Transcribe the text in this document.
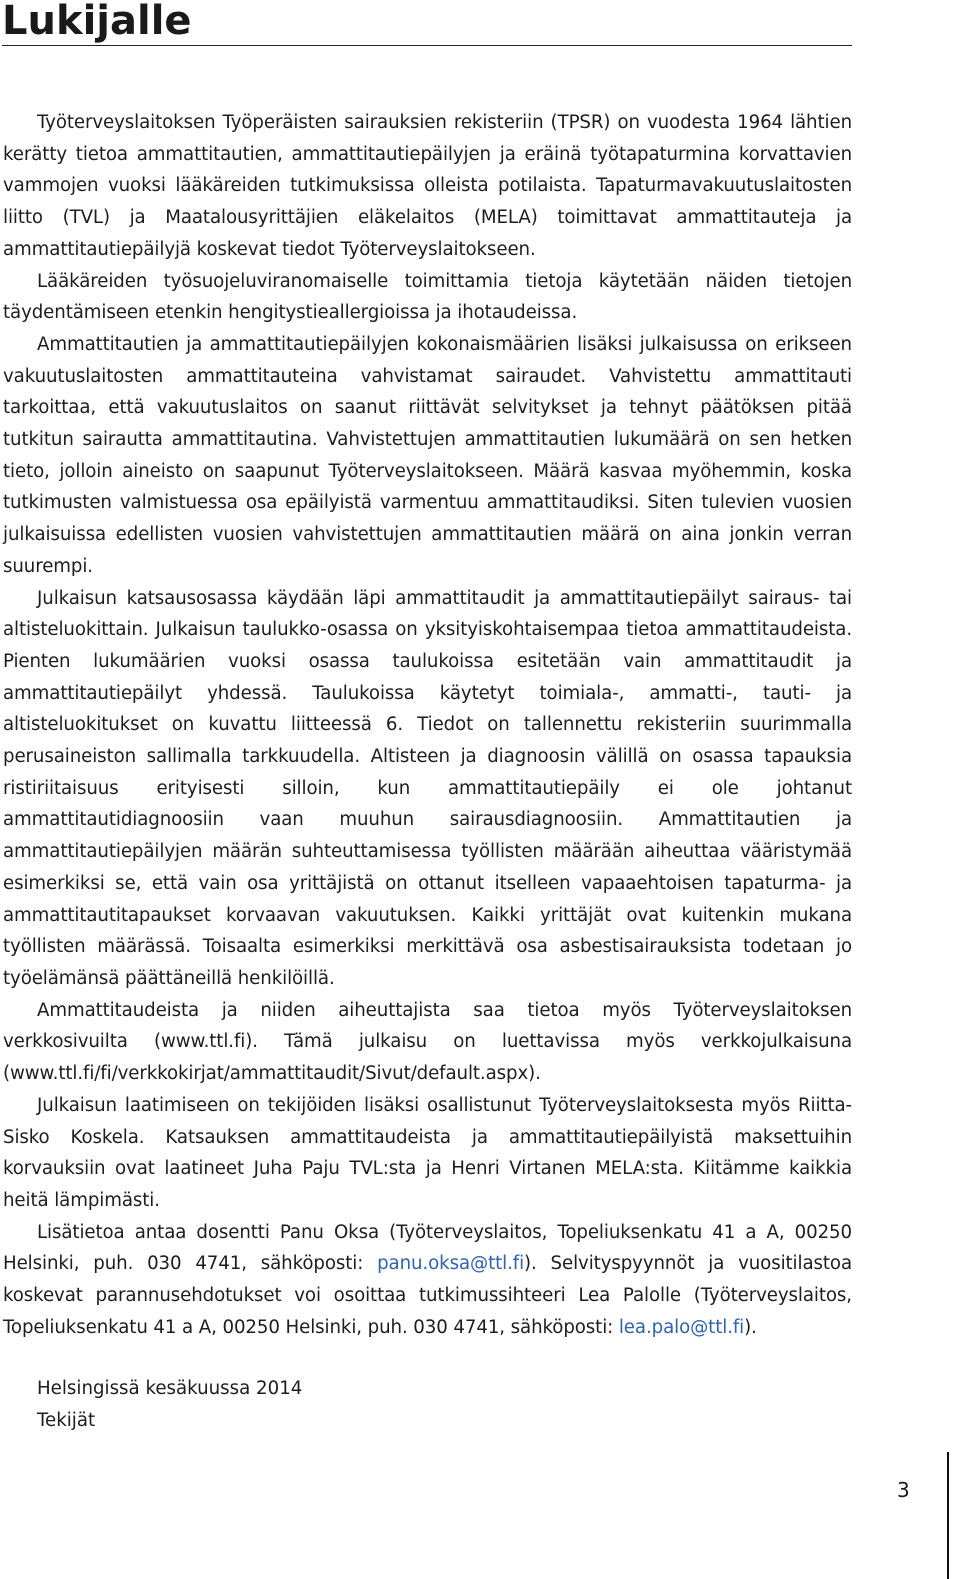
Lukijalle

Työterveyslaitoksen Työperäisten sairauksien rekisteriin (TPSR) on vuodesta 1964 lähtien kerätty tietoa ammattitautien, ammattitautiepäilyjen ja eräinä työtapaturmina korvattavien vammojen vuoksi lääkäreiden tutkimuksissa olleista potilaista. Tapaturmavakuutuslaitosten liitto (TVL) ja Maatalousyrittäjien eläkelaitos (MELA) toimittavat ammattitauteja ja ammattitautiepäilyjä koskevat tiedot Työterveyslaitokseen.

Lääkäreiden työsuojeluviranomaiselle toimittamia tietoja käytetään näiden tietojen täydentämiseen etenkin hengitystieallergioissa ja ihotaudeissa.

Ammattitautien ja ammattitautiepäilyjen kokonaismäärien lisäksi julkaisussa on erikseen vakuutuslaitosten ammattitauteina vahvistamat sairaudet. Vahvistettu ammattitauti tarkoittaa, että vakuutuslaitos on saanut riittävät selvitykset ja tehnyt päätöksen pitää tutkitun sairautta ammattitautina. Vahvistettujen ammattitautien lukumäärä on sen hetken tieto, jolloin aineisto on saapunut Työterveyslaitokseen. Määrä kasvaa myöhemmin, koska tutkimusten valmistuessa osa epäilyistä varmentuu ammattitaudiksi. Siten tulevien vuosien julkaisuissa edellisten vuosien vahvistettujen ammattitautien määrä on aina jonkin verran suurempi.

Julkaisun katsausosassa käydään läpi ammattitaudit ja ammattitautiepäilyt sairaus- tai altisteluokittain. Julkaisun taulukko-osassa on yksityiskohtaisempaa tietoa ammattitaudeista. Pienten lukumäärien vuoksi osassa taulukoissa esitetään vain ammattitaudit ja ammattitautiepäilyt yhdessä. Taulukoissa käytetyt toimiala-, ammatti-, tauti- ja altisteluokitukset on kuvattu liitteessä 6. Tiedot on tallennettu rekisteriin suurimmalla perusaineiston sallimalla tarkkuudella. Altisteen ja diagnoosin välillä on osassa tapauksia ristiriitaisuus erityisesti silloin, kun ammattitautiepäily ei ole johtanut ammattitautidiagnoosiin vaan muuhun sairausdiagnoosiin. Ammattitautien ja ammattitautiepäilyjen määrän suhteuttamisessa työllisten määrään aiheuttaa vääristymää esimerkiksi se, että vain osa yrittäjistä on ottanut itselleen vapaaehtoisen tapaturma- ja ammattitautitapaukset korvaavan vakuutuksen. Kaikki yrittäjät ovat kuitenkin mukana työllisten määrässä. Toisaalta esimerkiksi merkittävä osa asbestisairauksista todetaan jo työelämänsä päättäneillä henkilöillä.

Ammattitaudeista ja niiden aiheuttajista saa tietoa myös Työterveyslaitoksen verkkosivuilta (www.ttl.fi). Tämä julkaisu on luettavissa myös verkkojulkaisuna (www.ttl.fi/fi/verkkokirjat/ammattitaudit/Sivut/default.aspx).

Julkaisun laatimiseen on tekijöiden lisäksi osallistunut Työterveyslaitoksesta myös Riitta-Sisko Koskela. Katsauksen ammattitaudeista ja ammattitautiepäilyistä maksettuihin korvauksiin ovat laatineet Juha Paju TVL:sta ja Henri Virtanen MELA:sta. Kiitämme kaikkia heitä lämpimästi.

Lisätietoa antaa dosentti Panu Oksa (Työterveyslaitos, Topeliuksenkatu 41 a A, 00250 Helsinki, puh. 030 4741, sähköposti: panu.oksa@ttl.fi). Selvityspyynnöt ja vuositilastoa koskevat parannusehdotukset voi osoittaa tutkimussihteeri Lea Palolle (Työterveyslaitos, Topeliuksenkatu 41 a A, 00250 Helsinki, puh. 030 4741, sähköposti: lea.palo@ttl.fi).

Helsingissä kesäkuussa 2014
Tekijät
3
